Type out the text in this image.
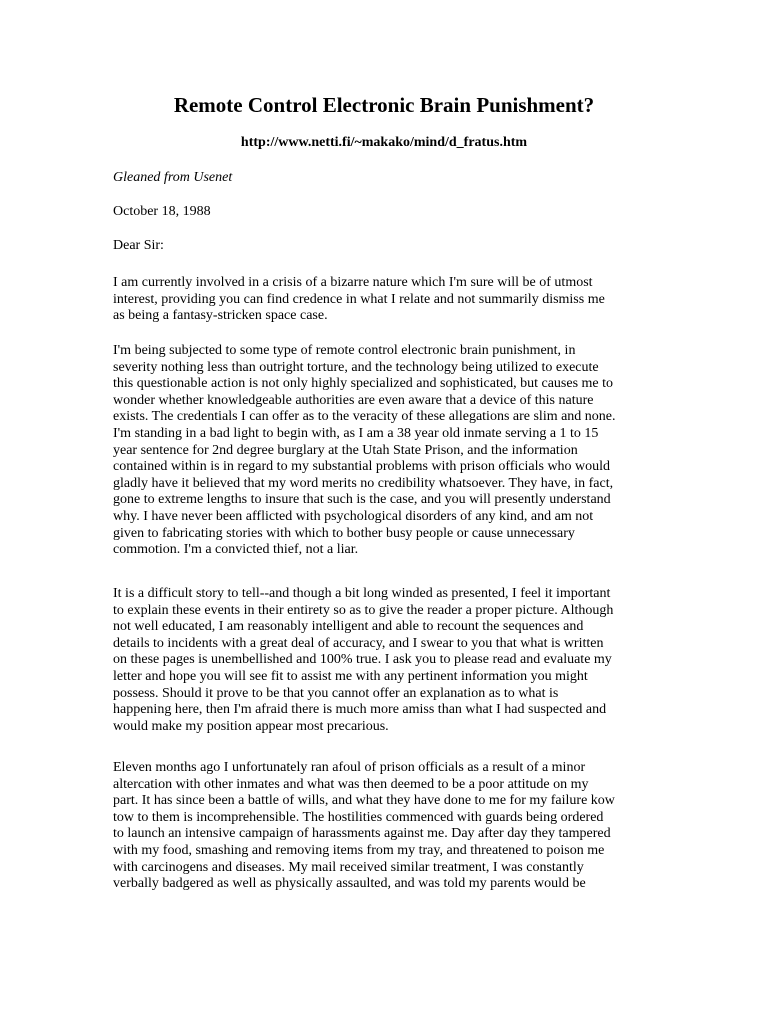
Remote Control Electronic Brain Punishment?
http://www.netti.fi/~makako/mind/d_fratus.htm
Gleaned from Usenet
October 18, 1988
Dear Sir:
I am currently involved in a crisis of a bizarre nature which I'm sure will be of utmost
interest, providing you can find credence in what I relate and not summarily dismiss me
as being a fantasy-stricken space case.
I'm being subjected to some type of remote control electronic brain punishment, in
severity nothing less than outright torture, and the technology being utilized to execute
this questionable action is not only highly specialized and sophisticated, but causes me to
wonder whether knowledgeable authorities are even aware that a device of this nature
exists. The credentials I can offer as to the veracity of these allegations are slim and none.
I'm standing in a bad light to begin with, as I am a 38 year old inmate serving a 1 to 15
year sentence for 2nd degree burglary at the Utah State Prison, and the information
contained within is in regard to my substantial problems with prison officials who would
gladly have it believed that my word merits no credibility whatsoever. They have, in fact,
gone to extreme lengths to insure that such is the case, and you will presently understand
why. I have never been afflicted with psychological disorders of any kind, and am not
given to fabricating stories with which to bother busy people or cause unnecessary
commotion. I'm a convicted thief, not a liar.
It is a difficult story to tell--and though a bit long winded as presented, I feel it important
to explain these events in their entirety so as to give the reader a proper picture. Although
not well educated, I am reasonably intelligent and able to recount the sequences and
details to incidents with a great deal of accuracy, and I swear to you that what is written
on these pages is unembellished and 100% true. I ask you to please read and evaluate my
letter and hope you will see fit to assist me with any pertinent information you might
possess. Should it prove to be that you cannot offer an explanation as to what is
happening here, then I'm afraid there is much more amiss than what I had suspected and
would make my position appear most precarious.
Eleven months ago I unfortunately ran afoul of prison officials as a result of a minor
altercation with other inmates and what was then deemed to be a poor attitude on my
part. It has since been a battle of wills, and what they have done to me for my failure kow
tow to them is incomprehensible. The hostilities commenced with guards being ordered
to launch an intensive campaign of harassments against me. Day after day they tampered
with my food, smashing and removing items from my tray, and threatened to poison me
with carcinogens and diseases. My mail received similar treatment, I was constantly
verbally badgered as well as physically assaulted, and was told my parents would be
